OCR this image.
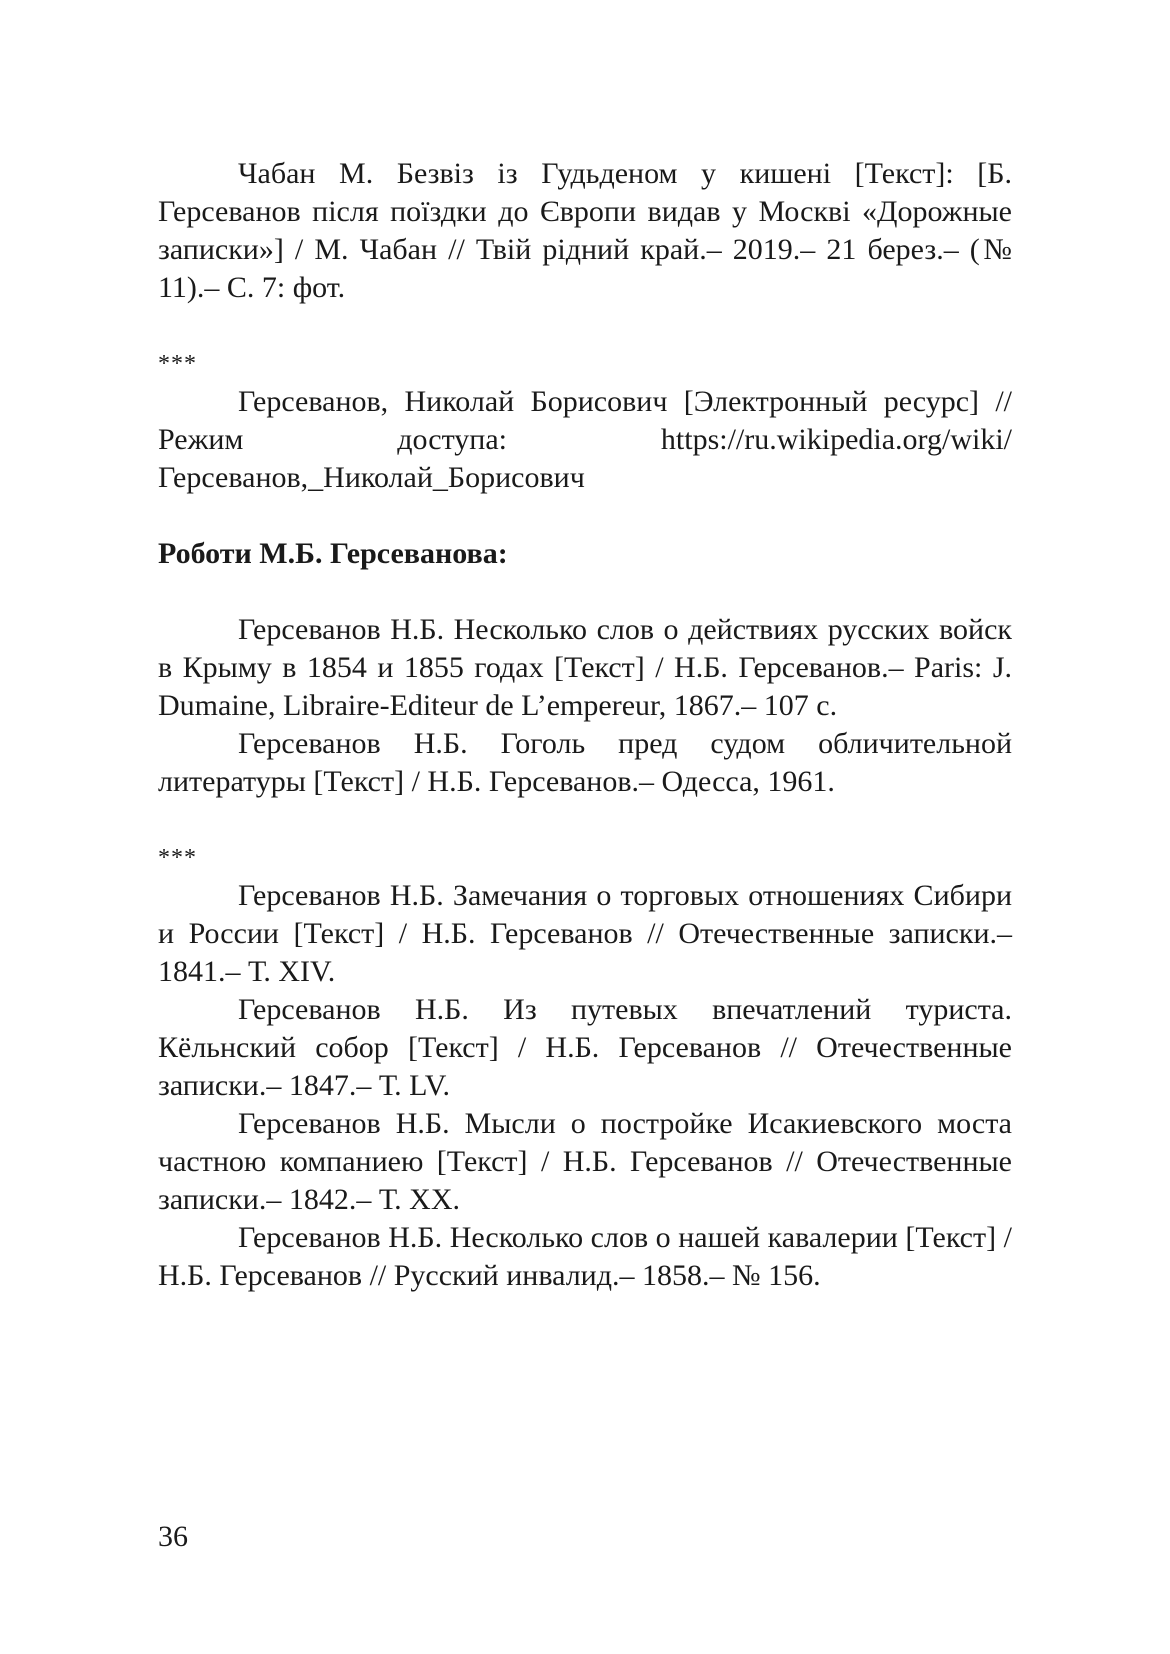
Чабан М. Безвіз із Гудьденом у кишені [Текст]: [Б. Герсеванов після поїздки до Європи видав у Москві «Дорожные записки»] / М. Чабан // Твій рідний край.– 2019.– 21 берез.– (№ 11).– С. 7: фот.

***

Герсеванов, Николай Борисович [Электронный ресурс] // Режим доступа: https://ru.wikipedia.org/wiki/Герсеванов,_Николай_Борисович

Роботи М.Б. Герсеванова:

Герсеванов Н.Б. Несколько слов о действиях русских войск в Крыму в 1854 и 1855 годах [Текст] / Н.Б. Герсеванов.– Paris: J. Dumaine, Libraire-Editeur de L’empereur, 1867.– 107 с.

Герсеванов Н.Б. Гоголь пред судом обличительной литературы [Текст] / Н.Б. Герсеванов.– Одесса, 1961.

***

Герсеванов Н.Б. Замечания о торговых отношениях Сибири и России [Текст] / Н.Б. Герсеванов // Отечественные записки.– 1841.– Т. XIV.

Герсеванов Н.Б. Из путевых впечатлений туриста. Кёльнский собор [Текст] / Н.Б. Герсеванов // Отечественные записки.– 1847.– Т. LV.

Герсеванов Н.Б. Мысли о постройке Исакиевского моста частною компаниею [Текст] / Н.Б. Герсеванов // Отечественные записки.– 1842.– Т. XX.

Герсеванов Н.Б. Несколько слов о нашей кавалерии [Текст] / Н.Б. Герсеванов // Русский инвалид.– 1858.– № 156.

36
